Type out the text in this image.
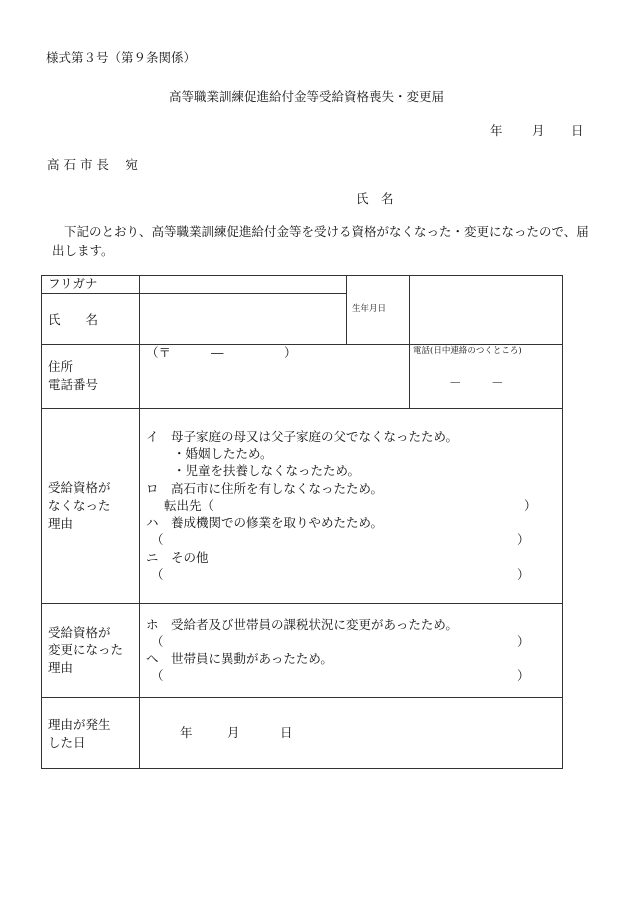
様式第３号（第９条関係）
高等職業訓練促進給付金等受給資格喪失・変更届
年 月 日
高 石 市 長　 宛
氏　名
下記のとおり、高等職業訓練促進給付金等を受ける資格がなくなった・変更になったので、届出します。
フリガナ
氏　　名
生年月日
住所
電話番号
（〒	―	）	電話(日中連絡のつくところ)
－ －
受給資格が
なくなった
理由
イ　母子家庭の母又は父子家庭の父でなくなったため。
・婚姻したため。
・児童を扶養しなくなったため。
ロ　高石市に住所を有しなくなったため。
転出先（	）
ハ　養成機関での修業を取りやめたため。
（	）
ニ　その他
（	）
受給資格が
変更になった
理由
ホ　受給者及び世帯員の課税状況に変更があったため。
（	）
へ　世帯員に異動があったため。
（	）
理由が発生
した日
年	月	日
